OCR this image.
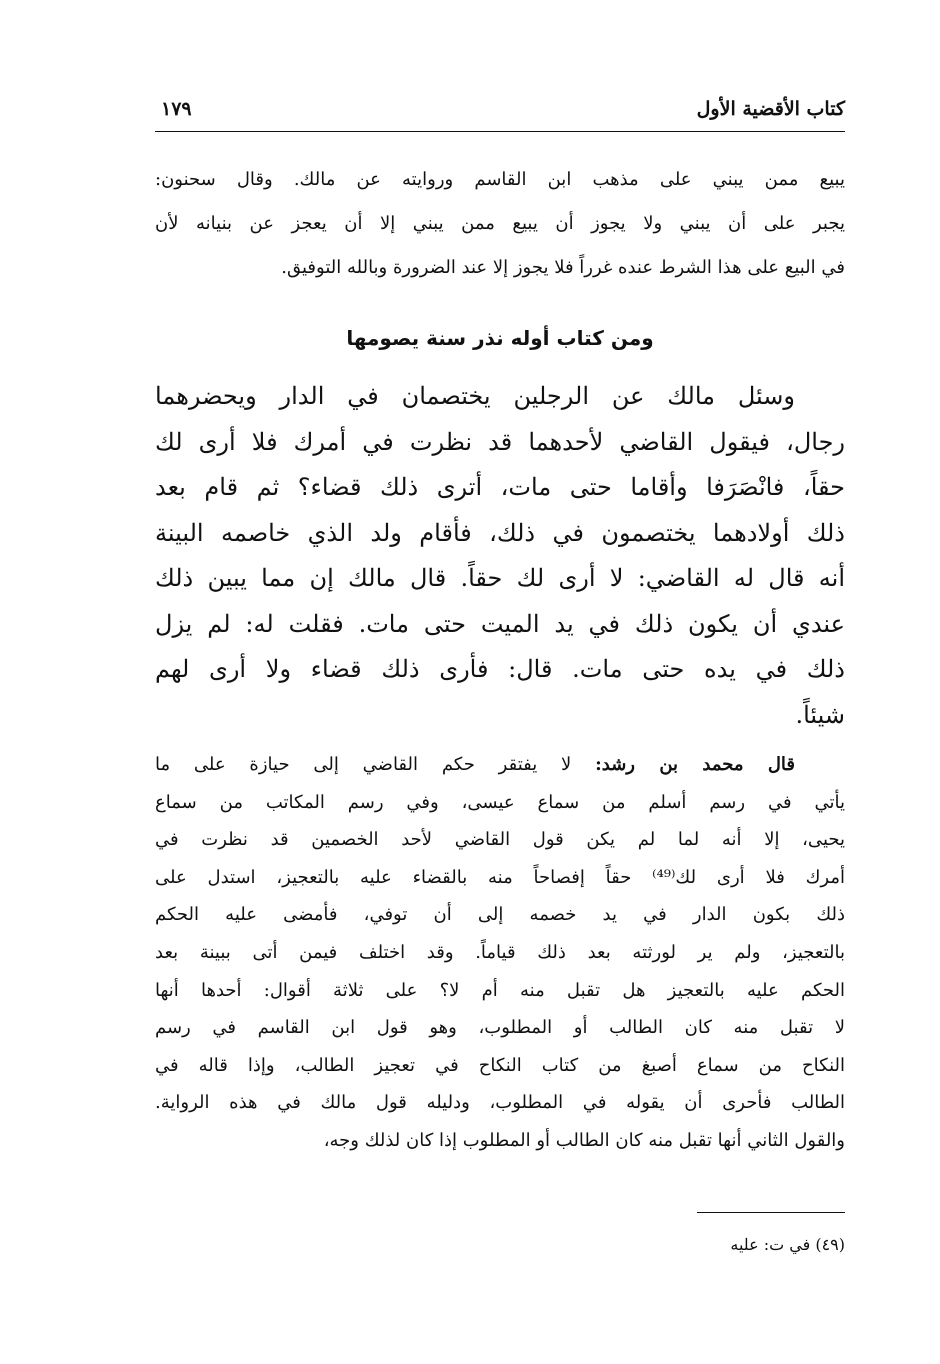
كتاب الأقضية الأول
١٧٩
يبيع ممن يبني على مذهب ابن القاسم وروايته عن مالك. وقال سحنون:
يجبر على أن يبني ولا يجوز أن يبيع ممن يبني إلا أن يعجز عن بنيانه لأن
في البيع على هذا الشرط عنده غرراً فلا يجوز إلا عند الضرورة وبالله التوفيق.
ومن كتاب أوله نذر سنة يصومها
وسئل مالك عن الرجلين يختصمان في الدار ويحضرهما
رجال، فيقول القاضي لأحدهما قد نظرت في أمرك فلا أرى لك
حقاً، فانْصَرَفا وأقاما حتى مات، أترى ذلك قضاء؟ ثم قام بعد
ذلك أولادهما يختصمون في ذلك، فأقام ولد الذي خاصمه البينة
أنه قال له القاضي: لا أرى لك حقاً. قال مالك إن مما يبين ذلك
عندي أن يكون ذلك في يد الميت حتى مات. فقلت له: لم يزل
ذلك في يده حتى مات. قال: فأرى ذلك قضاء ولا أرى لهم
شيئاً.
قال محمد بن رشد: لا يفتقر حكم القاضي إلى حيازة على ما
يأتي في رسم أسلم من سماع عيسى، وفي رسم المكاتب من سماع
يحيى، إلا أنه لما لم يكن قول القاضي لأحد الخصمين قد نظرت في
أمرك فلا أرى لك⁽⁴⁹⁾ حقاً إفصاحاً منه بالقضاء عليه بالتعجيز، استدل على
ذلك بكون الدار في يد خصمه إلى أن توفي، فأمضى عليه الحكم
بالتعجيز، ولم ير لورثته بعد ذلك قياماً. وقد اختلف فيمن أتى ببينة بعد
الحكم عليه بالتعجيز هل تقبل منه أم لا؟ على ثلاثة أقوال: أحدها أنها
لا تقبل منه كان الطالب أو المطلوب، وهو قول ابن القاسم في رسم
النكاح من سماع أصبغ من كتاب النكاح في تعجيز الطالب، وإذا قاله في
الطالب فأحرى أن يقوله في المطلوب، ودليله قول مالك في هذه الرواية.
والقول الثاني أنها تقبل منه كان الطالب أو المطلوب إذا كان لذلك وجه،
(٤٩) في ت: عليه
